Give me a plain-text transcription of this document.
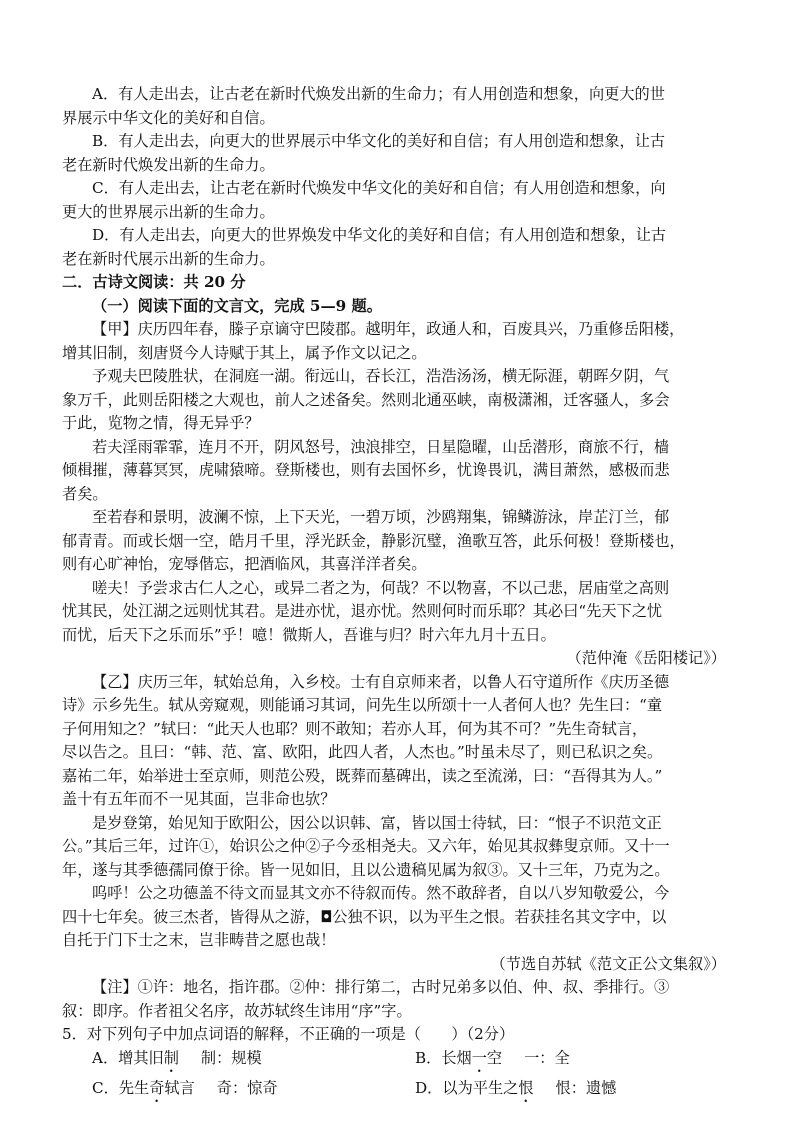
A．有人走出去，让古老在新时代焕发出新的生命力；有人用创造和想象，向更大的世
界展示中华文化的美好和自信。
B．有人走出去，向更大的世界展示中华文化的美好和自信；有人用创造和想象，让古
老在新时代焕发出新的生命力。
C．有人走出去，让古老在新时代焕发中华文化的美好和自信；有人用创造和想象，向
更大的世界展示出新的生命力。
D．有人走出去，向更大的世界焕发中华文化的美好和自信；有人用创造和想象，让古
老在新时代展示出新的生命力。
二．古诗文阅读：共 20 分
（一）阅读下面的文言文，完成 5—9 题。
【甲】庆历四年春，滕子京谪守巴陵郡。越明年，政通人和，百废具兴，乃重修岳阳楼，
增其旧制，刻唐贤今人诗赋于其上，属予作文以记之。
予观夫巴陵胜状，在洞庭一湖。衔远山，吞长江，浩浩汤汤，横无际涯，朝晖夕阴，气
象万千，此则岳阳楼之大观也，前人之述备矣。然则北通巫峡，南极潇湘，迁客骚人，多会
于此，览物之情，得无异乎？
若夫淫雨霏霏，连月不开，阴风怒号，浊浪排空，日星隐曜，山岳潜形，商旅不行，樯
倾楫摧，薄暮冥冥，虎啸猿啼。登斯楼也，则有去国怀乡，忧谗畏讥，满目萧然，感极而悲
者矣。
至若春和景明，波澜不惊，上下天光，一碧万顷，沙鸥翔集，锦鳞游泳，岸芷汀兰，郁
郁青青。而或长烟一空，皓月千里，浮光跃金，静影沉璧，渔歌互答，此乐何极！登斯楼也，
则有心旷神怡，宠辱偕忘，把酒临风，其喜洋洋者矣。
嗟夫！予尝求古仁人之心，或异二者之为，何哉？不以物喜，不以己悲，居庙堂之高则
忧其民，处江湖之远则忧其君。是进亦忧，退亦忧。然则何时而乐耶？其必曰“先天下之忧
而忧，后天下之乐而乐”乎！噫！微斯人，吾谁与归？时六年九月十五日。
（范仲淹《岳阳楼记》）
【乙】庆历三年，轼始总角，入乡校。士有自京师来者，以鲁人石守道所作《庆历圣德
诗》示乡先生。轼从旁窥观，则能诵习其词，问先生以所颂十一人者何人也？先生曰：“童
子何用知之？”轼曰：“此天人也耶？则不敢知；若亦人耳，何为其不可？”先生奇轼言，
尽以告之。且曰：“韩、范、富、欧阳，此四人者，人杰也。”时虽未尽了，则已私识之矣。
嘉祐二年，始举进士至京师，则范公殁，既葬而墓碑出，读之至流涕，曰：“吾得其为人。”
盖十有五年而不一见其面，岂非命也欤？
是岁登第，始见知于欧阳公，因公以识韩、富，皆以国士待轼，曰：“恨子不识范文正
公。”其后三年，过许①，始识公之仲②子今丞相尧夫。又六年，始见其叔彝叟京师。又十一
年，遂与其季德孺同僚于徐。皆一见如旧，且以公遗稿见属为叙③。又十三年，乃克为之。
呜呼！公之功德盖不待文而显其文亦不待叙而传。然不敢辞者，自以八岁知敬爱公，今
四十七年矣。彼三杰者，皆得从之游，◘公独不识，以为平生之恨。若获挂名其文字中，以
自托于门下士之末，岂非畴昔之愿也哉！
（节选自苏轼《范文正公文集叙》）
【注】①许：地名，指许郡。②仲：排行第二，古时兄弟多以伯、仲、叔、季排行。③
叙：即序。作者祖父名序，故苏轼终生讳用“序”字。
5．对下列句子中加点词语的解释，不正确的一项是（　　）（2分）
A．增其旧制 制：规模	B．长烟一空 一：全
C．先生奇轼言 奇：惊奇	D．以为平生之恨 恨：遗憾
